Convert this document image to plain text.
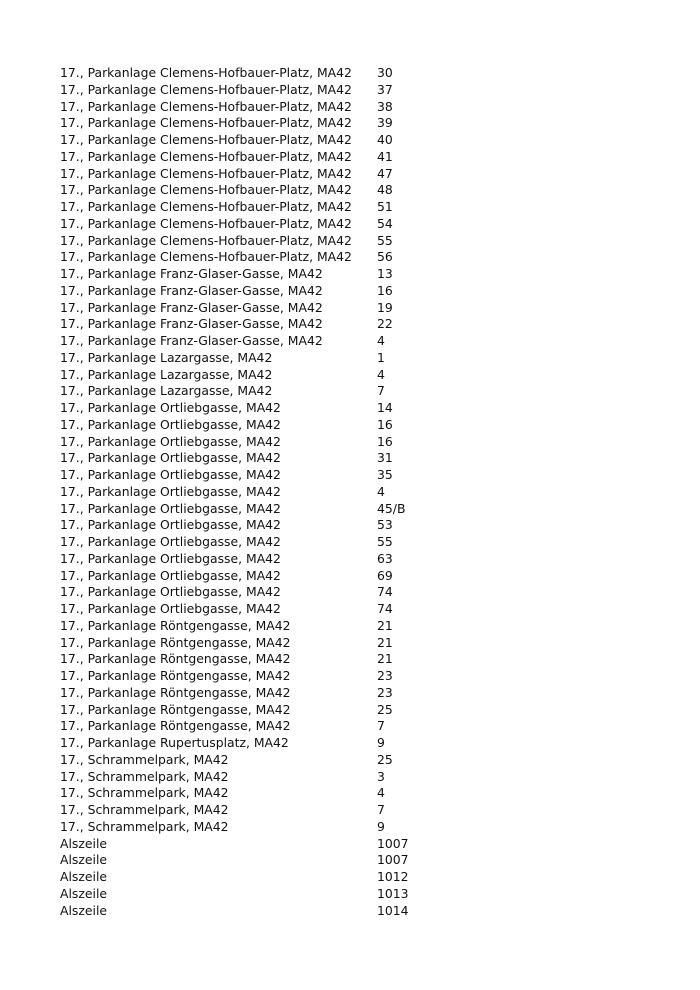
17., Parkanlage Clemens-Hofbauer-Platz, MA42	30
17., Parkanlage Clemens-Hofbauer-Platz, MA42	37
17., Parkanlage Clemens-Hofbauer-Platz, MA42	38
17., Parkanlage Clemens-Hofbauer-Platz, MA42	39
17., Parkanlage Clemens-Hofbauer-Platz, MA42	40
17., Parkanlage Clemens-Hofbauer-Platz, MA42	41
17., Parkanlage Clemens-Hofbauer-Platz, MA42	47
17., Parkanlage Clemens-Hofbauer-Platz, MA42	48
17., Parkanlage Clemens-Hofbauer-Platz, MA42	51
17., Parkanlage Clemens-Hofbauer-Platz, MA42	54
17., Parkanlage Clemens-Hofbauer-Platz, MA42	55
17., Parkanlage Clemens-Hofbauer-Platz, MA42	56
17., Parkanlage Franz-Glaser-Gasse, MA42	13
17., Parkanlage Franz-Glaser-Gasse, MA42	16
17., Parkanlage Franz-Glaser-Gasse, MA42	19
17., Parkanlage Franz-Glaser-Gasse, MA42	22
17., Parkanlage Franz-Glaser-Gasse, MA42	4
17., Parkanlage Lazargasse, MA42	1
17., Parkanlage Lazargasse, MA42	4
17., Parkanlage Lazargasse, MA42	7
17., Parkanlage Ortliebgasse, MA42	14
17., Parkanlage Ortliebgasse, MA42	16
17., Parkanlage Ortliebgasse, MA42	16
17., Parkanlage Ortliebgasse, MA42	31
17., Parkanlage Ortliebgasse, MA42	35
17., Parkanlage Ortliebgasse, MA42	4
17., Parkanlage Ortliebgasse, MA42	45/B
17., Parkanlage Ortliebgasse, MA42	53
17., Parkanlage Ortliebgasse, MA42	55
17., Parkanlage Ortliebgasse, MA42	63
17., Parkanlage Ortliebgasse, MA42	69
17., Parkanlage Ortliebgasse, MA42	74
17., Parkanlage Ortliebgasse, MA42	74
17., Parkanlage Röntgengasse, MA42	21
17., Parkanlage Röntgengasse, MA42	21
17., Parkanlage Röntgengasse, MA42	21
17., Parkanlage Röntgengasse, MA42	23
17., Parkanlage Röntgengasse, MA42	23
17., Parkanlage Röntgengasse, MA42	25
17., Parkanlage Röntgengasse, MA42	7
17., Parkanlage Rupertusplatz, MA42	9
17., Schrammelpark, MA42	25
17., Schrammelpark, MA42	3
17., Schrammelpark, MA42	4
17., Schrammelpark, MA42	7
17., Schrammelpark, MA42	9
Alszeile	1007
Alszeile	1007
Alszeile	1012
Alszeile	1013
Alszeile	1014
